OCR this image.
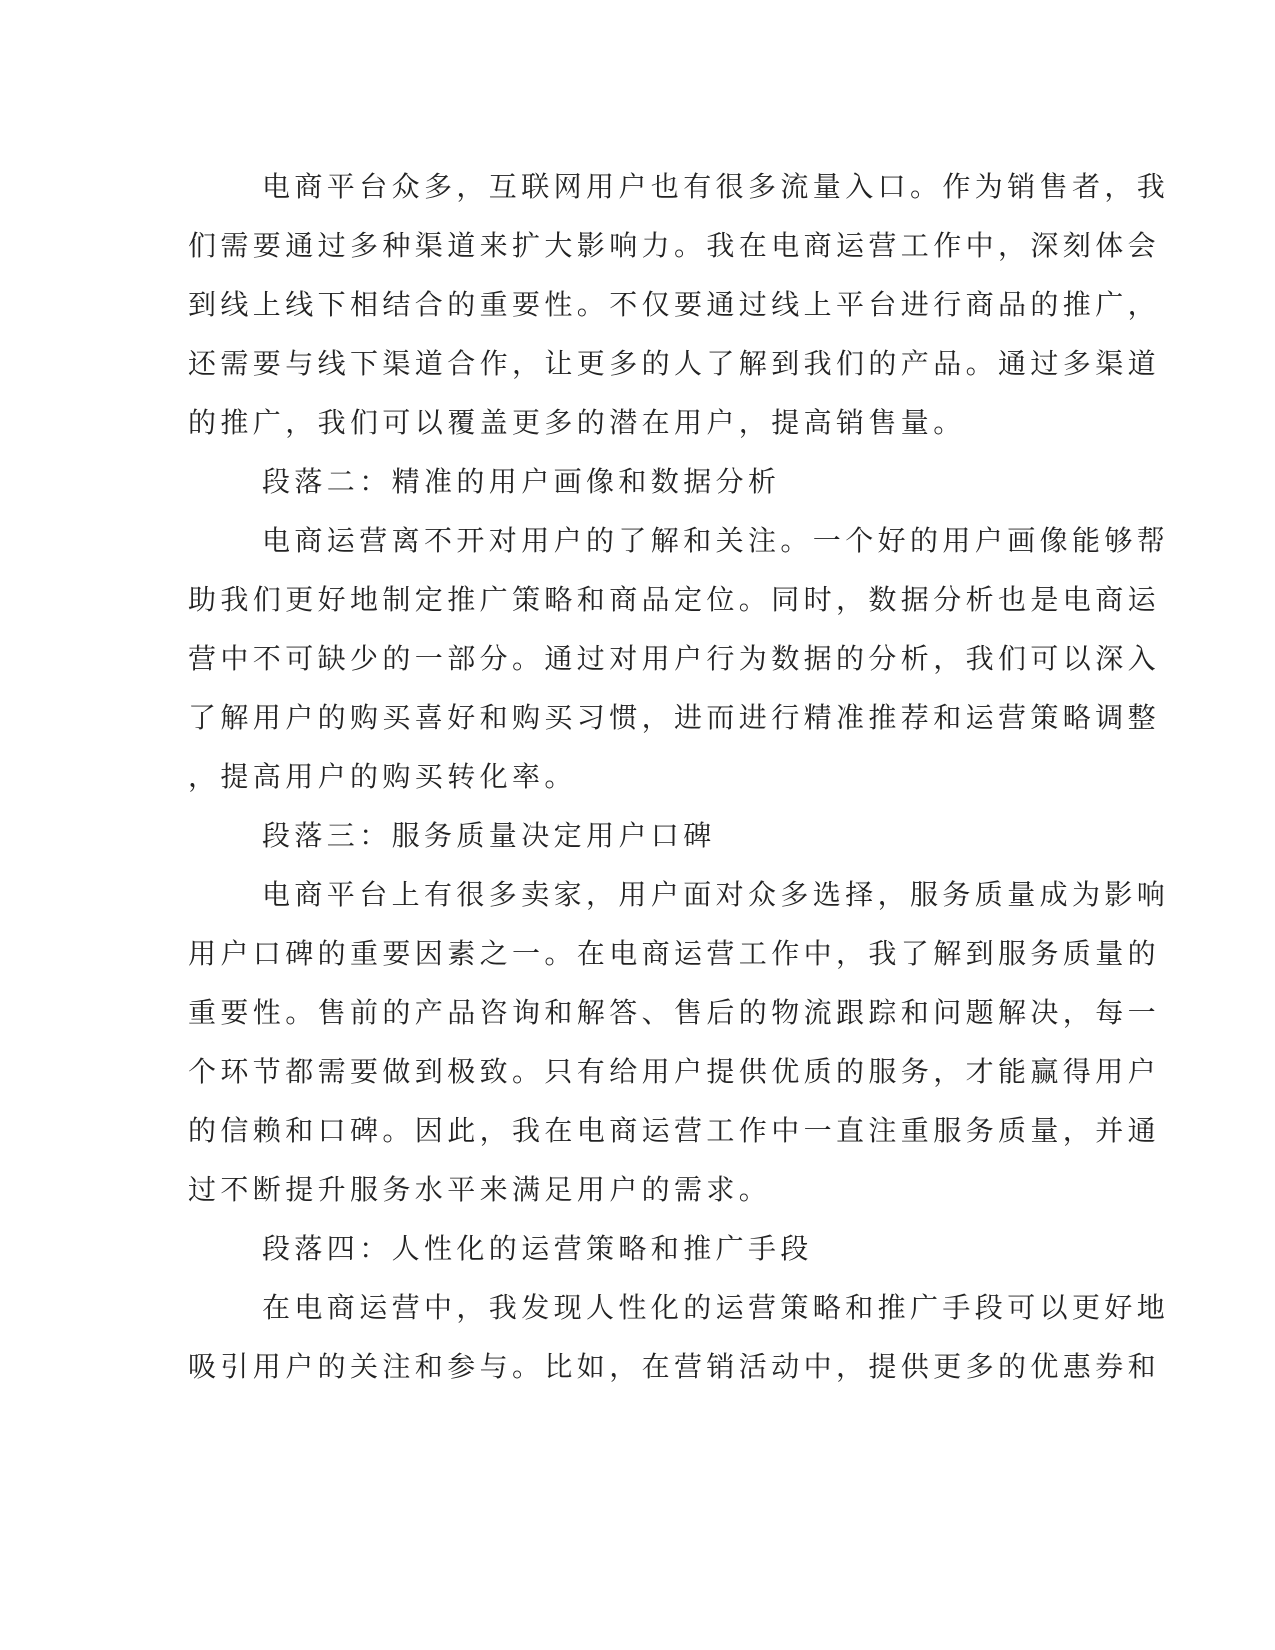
电商平台众多，互联网用户也有很多流量入口。作为销售者，我
们需要通过多种渠道来扩大影响力。我在电商运营工作中，深刻体会
到线上线下相结合的重要性。不仅要通过线上平台进行商品的推广，
还需要与线下渠道合作，让更多的人了解到我们的产品。通过多渠道
的推广，我们可以覆盖更多的潜在用户，提高销售量。
段落二：精准的用户画像和数据分析
电商运营离不开对用户的了解和关注。一个好的用户画像能够帮
助我们更好地制定推广策略和商品定位。同时，数据分析也是电商运
营中不可缺少的一部分。通过对用户行为数据的分析，我们可以深入
了解用户的购买喜好和购买习惯，进而进行精准推荐和运营策略调整
，提高用户的购买转化率。
段落三：服务质量决定用户口碑
电商平台上有很多卖家，用户面对众多选择，服务质量成为影响
用户口碑的重要因素之一。在电商运营工作中，我了解到服务质量的
重要性。售前的产品咨询和解答、售后的物流跟踪和问题解决，每一
个环节都需要做到极致。只有给用户提供优质的服务，才能赢得用户
的信赖和口碑。因此，我在电商运营工作中一直注重服务质量，并通
过不断提升服务水平来满足用户的需求。
段落四：人性化的运营策略和推广手段
在电商运营中，我发现人性化的运营策略和推广手段可以更好地
吸引用户的关注和参与。比如，在营销活动中，提供更多的优惠券和
